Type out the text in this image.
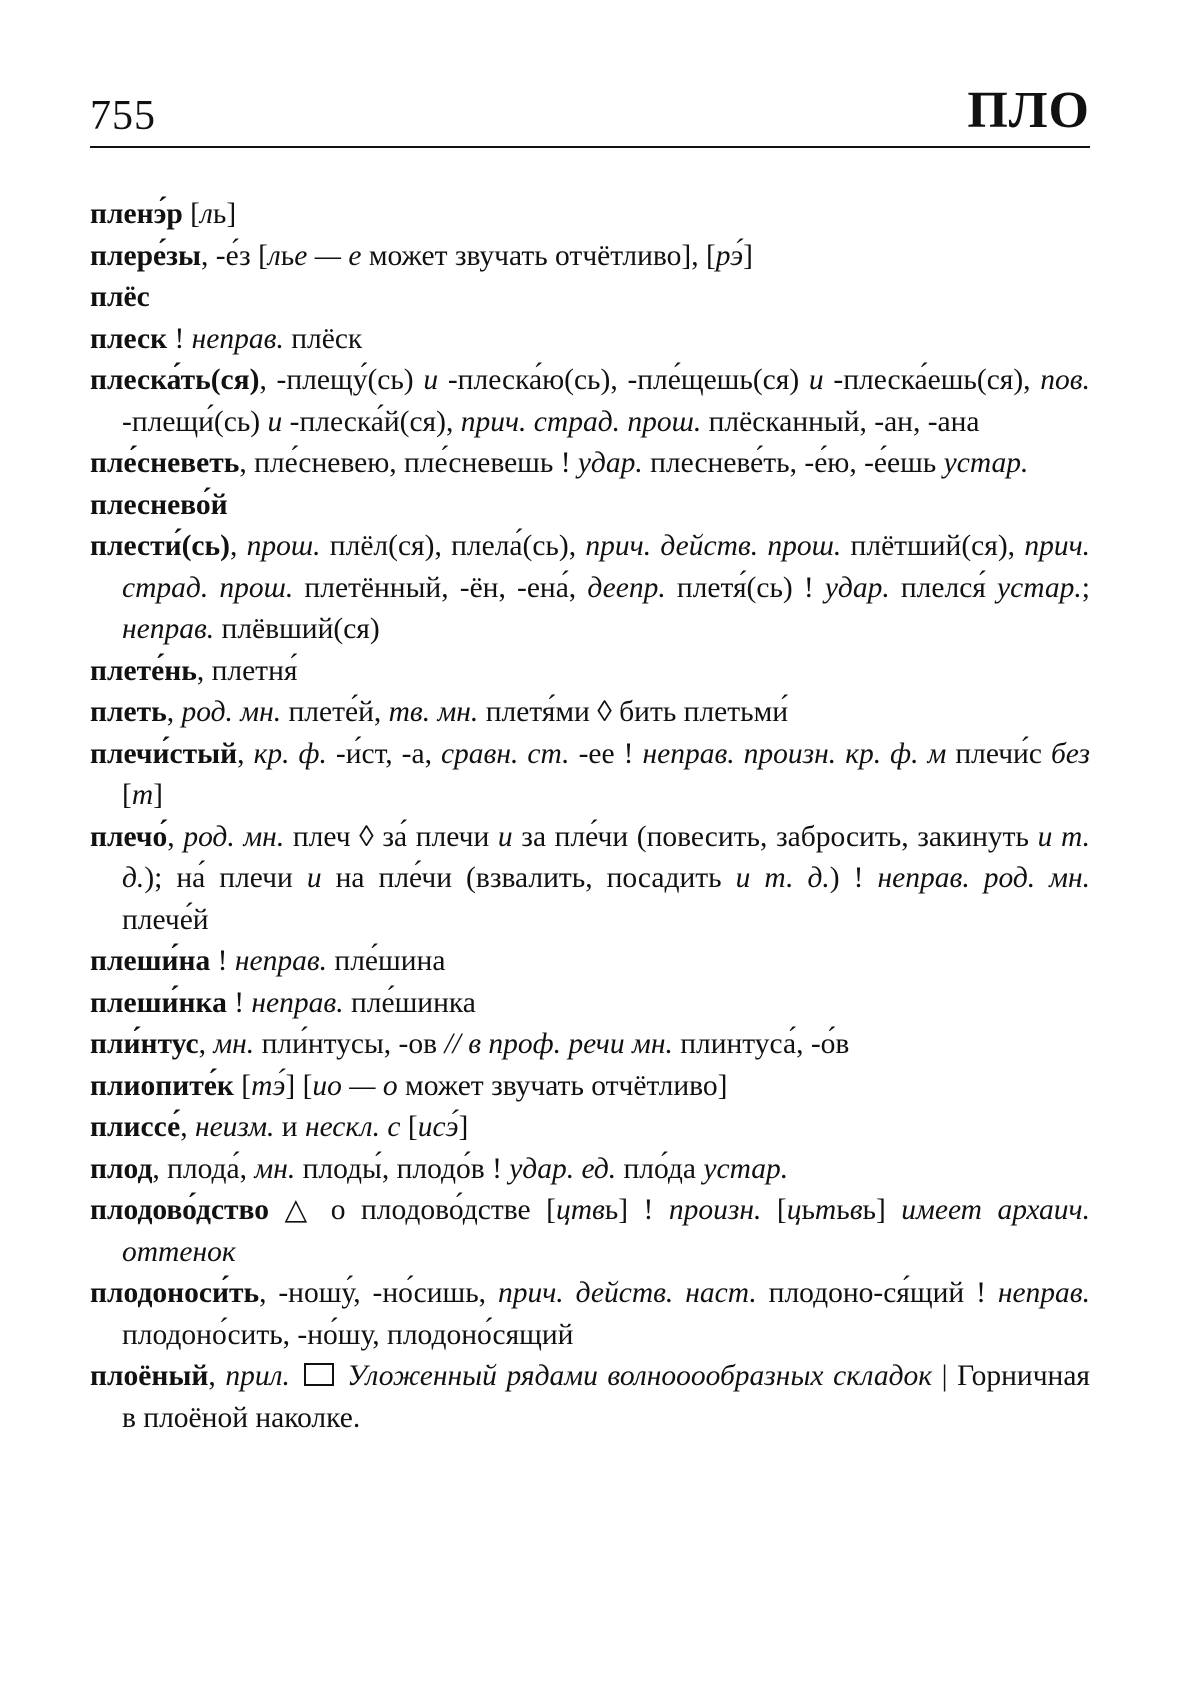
755	ПЛО

пленэ́р [ль]

плере́зы, -е́з [лье — е может звучать отчётливо], [рэ́]

плёс

плеск ! неправ. плёск

плеска́ть(ся), -плещу́(сь) и -плеска́ю(сь), -пле́щешь(ся) и -плеска́ешь(ся), пов. -плещи́(сь) и -плеска́й(ся), прич. страд. прош. плёсканный, -ан, -ана

пле́сневеть, пле́сневею, пле́сневешь ! удар. плесневе́ть, -е́ю, -е́ешь устар.

плеснево́й

плести́(сь), прош. плёл(ся), плела́(сь), прич. действ. прош. плётший(ся), прич. страд. прош. плетённый, -ён, -ена́, деепр. плетя́(сь) ! удар. плелся́ устар.; неправ. плёвший(ся)

плете́нь, плетня́

плеть, род. мн. плете́й, тв. мн. плетя́ми ◊ бить плетьми́

плечи́стый, кр. ф. -и́ст, -а, сравн. ст. -ее ! неправ. произн. кр. ф. м плечи́с без [т]

плечо́, род. мн. плеч ◊ за́ плечи и за пле́чи (повесить, забросить, закинуть и т. д.); на́ плечи и на пле́чи (взвалить, посадить и т. д.) ! неправ. род. мн. плече́й

плеши́на ! неправ. пле́шина

плеши́нка ! неправ. пле́шинка

пли́нтус, мн. пли́нтусы, -ов // в проф. речи мн. плинтуса́, -о́в

плиопите́к [тэ́] [ио — о может звучать отчётливо]

плиссе́, неизм. и нескл. с [исэ́]

плод, плода́, мн. плоды́, плодо́в ! удар. ед. пло́да устар.

плодово́дство △ о плодово́дстве [цтвь] ! произн. [цьтьвь] имеет архаич. оттенок

плодоноси́ть, -ношу́, -но́сишь, прич. действ. наст. плодоно-ся́щий ! неправ. плодоно́сить, -но́шу, плодоно́сящий

плоёный, прил.  Уложенный рядами волнооообразных складок | Горничная в плоёной наколке.
